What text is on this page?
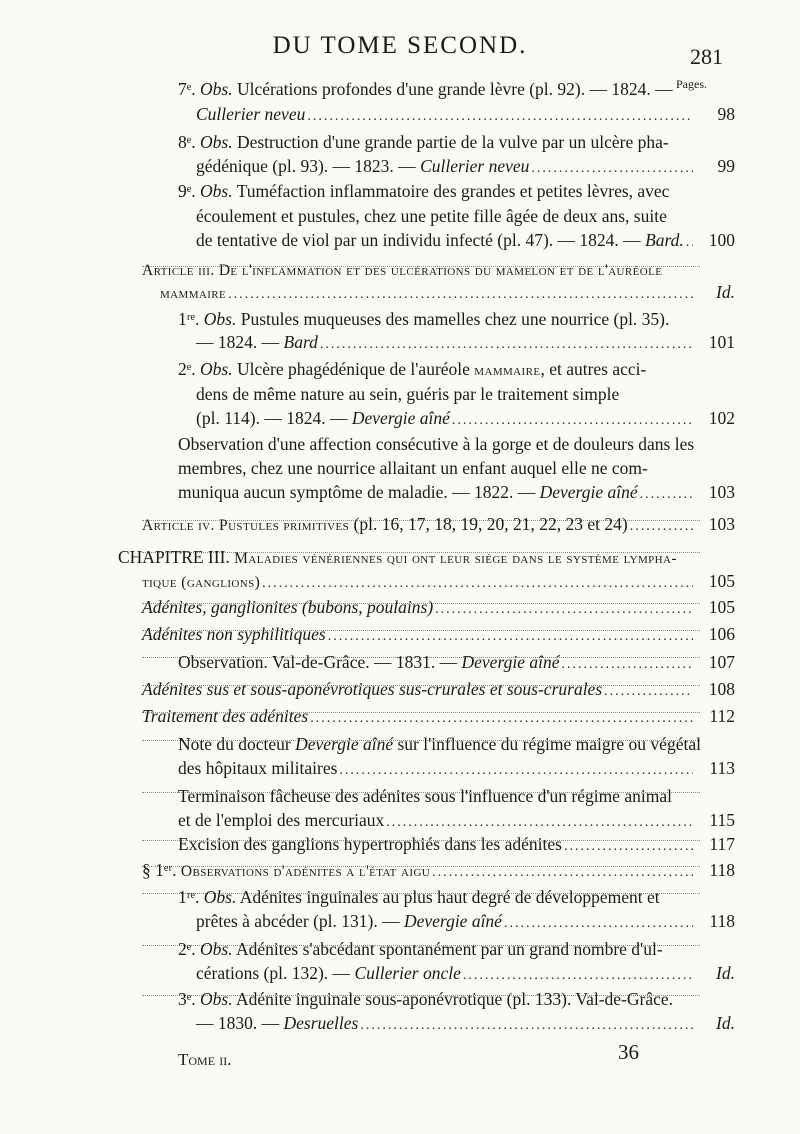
DU TOME SECOND.	281
Pages.
7ᵉ. Obs. Ulcérations profondes d'une grande lèvre (pl. 92). — 1824. —
Cullerier neveu .....	98
8ᵉ. Obs. Destruction d'une grande partie de la vulve par un ulcère pha-
gédénique (pl. 93). — 1823. — Cullerier neveu .....	99
9ᵉ. Obs. Tuméfaction inflammatoire des grandes et petites lèvres, avec
écoulement et pustules, chez une petite fille âgée de deux ans, suite
de tentative de viol par un individu infecté (pl. 47). — 1824. — Bard. .....	100
Article iii. De l'inflammation et des ulcérations du mamelon et de l'auréole
mammaire .....	Id.
1ʳᵉ. Obs. Pustules muqueuses des mamelles chez une nourrice (pl. 35).
— 1824. — Bard .....	101
2ᵉ. Obs. Ulcère phagédénique de l'auréole mammaire, et autres acci-
dens de même nature au sein, guéris par le traitement simple
(pl. 114). — 1824. — Devergie aîné .....	102
Observation d'une affection consécutive à la gorge et de douleurs dans les
membres, chez une nourrice allaitant un enfant auquel elle ne com-
muniqua aucun symptôme de maladie. — 1822. — Devergie aîné .....	103
Article iv. Pustules primitives (pl. 16, 17, 18, 19, 20, 21, 22, 23 et 24) .....	103
CHAPITRE III. Maladies vénériennes qui ont leur siége dans le système lympha-
tique (ganglions) .....	105
Adénites, ganglionites (bubons, poulains) .....	105
Adénites non syphilitiques .....	106
Observation. Val-de-Grâce. — 1831. — Devergie aîné .....	107
Adénites sus et sous-aponévrotiques sus-crurales et sous-crurales .....	108
Traitement des adénites .....	112
Note du docteur Devergie aîné sur l'influence du régime maigre ou végétal
des hôpitaux militaires .....	113
Terminaison fâcheuse des adénites sous l'influence d'un régime animal
et de l'emploi des mercuriaux .....	115
Excision des ganglions hypertrophiés dans les adénites .....	117
§ 1ᵉʳ. Observations d'adénites a l'état aigu .....	118
1ʳᵉ. Obs. Adénites inguinales au plus haut degré de développement et
prêtes à abcéder (pl. 131). — Devergie aîné .....	118
2ᵉ. Obs. Adénites s'abcédant spontanément par un grand nombre d'ul-
cérations (pl. 132). — Cullerier oncle .....	Id.
3ᵉ. Obs. Adénite inguinale sous-aponévrotique (pl. 133). Val-de-Grâce.
— 1830. — Desruelles .....	Id.
Tome ii.	36
